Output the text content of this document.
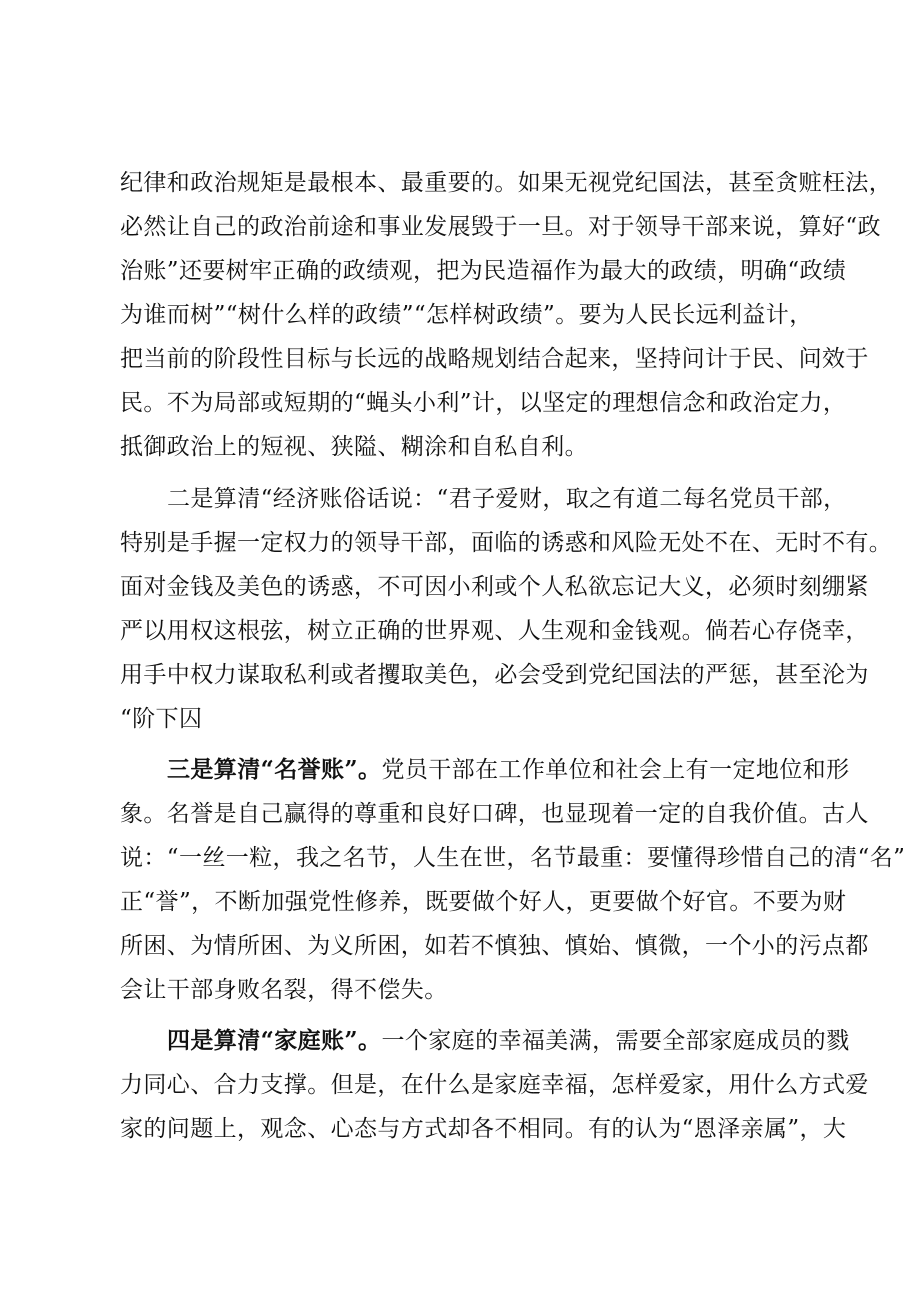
纪律和政治规矩是最根本、最重要的。如果无视党纪国法，甚至贪赃枉法，
必然让自己的政治前途和事业发展毁于一旦。对于领导干部来说，算好“政
治账”还要树牢正确的政绩观，把为民造福作为最大的政绩，明确“政绩
为谁而树”“树什么样的政绩”“怎样树政绩”。要为人民长远利益计，
把当前的阶段性目标与长远的战略规划结合起来，坚持问计于民、问效于
民。不为局部或短期的“蝇头小利”计，以坚定的理想信念和政治定力，
抵御政治上的短视、狭隘、糊涂和自私自利。
二是算清“经济账俗话说：“君子爱财，取之有道二每名党员干部，
特别是手握一定权力的领导干部，面临的诱惑和风险无处不在、无时不有。
面对金钱及美色的诱惑，不可因小利或个人私欲忘记大义，必须时刻绷紧
严以用权这根弦，树立正确的世界观、人生观和金钱观。倘若心存侥幸，
用手中权力谋取私利或者攫取美色，必会受到党纪国法的严惩，甚至沦为
“阶下囚
三是算清“名誉账”。党员干部在工作单位和社会上有一定地位和形
象。名誉是自己赢得的尊重和良好口碑，也显现着一定的自我价值。古人
说：“一丝一粒，我之名节，人生在世，名节最重：要懂得珍惜自己的清“名”
正“誉”，不断加强党性修养，既要做个好人，更要做个好官。不要为财
所困、为情所困、为义所困，如若不慎独、慎始、慎微，一个小的污点都
会让干部身败名裂，得不偿失。
四是算清“家庭账”。一个家庭的幸福美满，需要全部家庭成员的戮
力同心、合力支撑。但是，在什么是家庭幸福，怎样爱家，用什么方式爱
家的问题上，观念、心态与方式却各不相同。有的认为“恩泽亲属”，大
